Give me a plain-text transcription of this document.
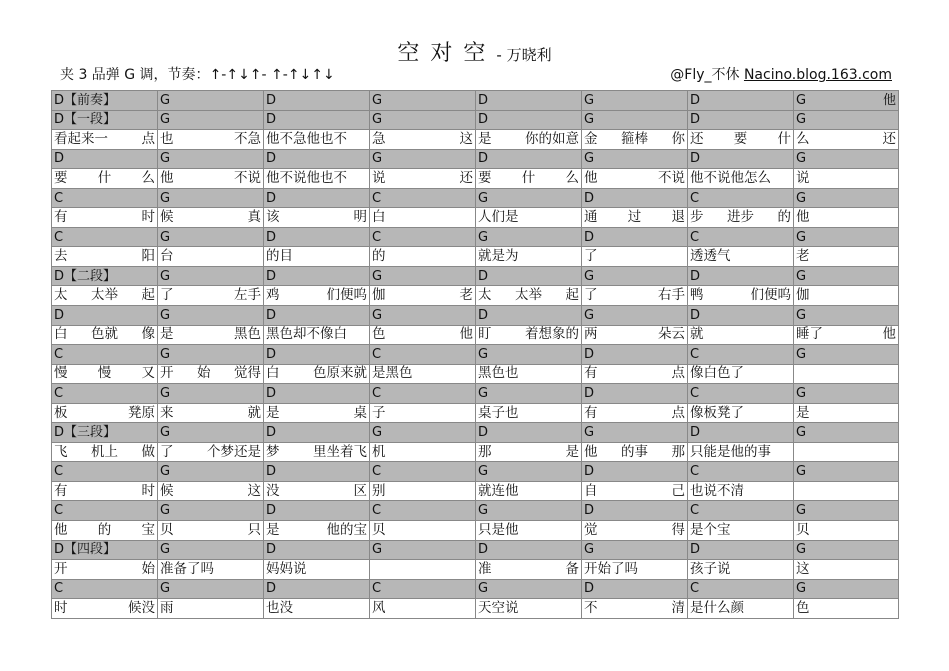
空 对 空 - 万晓利
夹 3 品弹 G 调，节奏：↑-↑↓↑- ↑-↑↓↑↓	@Fly_不休 Nacino.blog.163.com
D【前奏】	G	D	G	D	G	D	G 他

D【一段】	G	D	G	D	G	D	G

看起来一 点	也 不急	他不急他也不	急 这	是 你的如意	金 箍棒 你	还 要 什	么 还

D	G	D	G	D	G	D	G

要 什 么	他 不说	他不说他也不	说 还	要 什 么	他 不说	他不说他怎么	说
C	G	D	C	G	D	C	G

有 时	候 真	该 明	白	人们是	通 过 退	步 进步 的	他
C	G	D	C	G	D	C	G

去 阳	台	的目	的	就是为	了	透透气	老
D【二段】	G	D	G	D	G	D	G

太 太举 起	了 左手	鸡 们便呜	伽 老	太 太举 起	了 右手	鸭 们便呜	伽
D	G	D	G	D	G	D	G

白 色就 像	是 黑色	黑色却不像白	色 他	盯 着想象的	两 朵云	就	睡了 他

C	G	D	C	G	D	C	G

慢 慢 又	开 始 觉得	白 色原来就	是黑色	黑色也	有 点	像白色了	
C	G	D	C	G	D	C	G

板 凳原	来 就	是 桌	子	桌子也	有 点	像板凳了	是
D【三段】	G	D	G	D	G	D	G

飞 机上 做	了 个梦还是	梦 里坐着飞	机	那 是	他 的事 那	只能是他的事	
C	G	D	C	G	D	C	G

有 时	候 这	没 区	别	就连他	自 己	也说不清	
C	G	D	C	G	D	C	G

他 的 宝	贝 只	是 他的宝	贝	只是他	觉 得	是个宝	贝
D【四段】	G	D	G	D	G	D	G

开 始	准备了吗	妈妈说		准 备	开始了吗	孩子说	这
C	G	D	C	G	D	C	G

时 候没	雨	也没	风	天空说	不 清	是什么颜	色
